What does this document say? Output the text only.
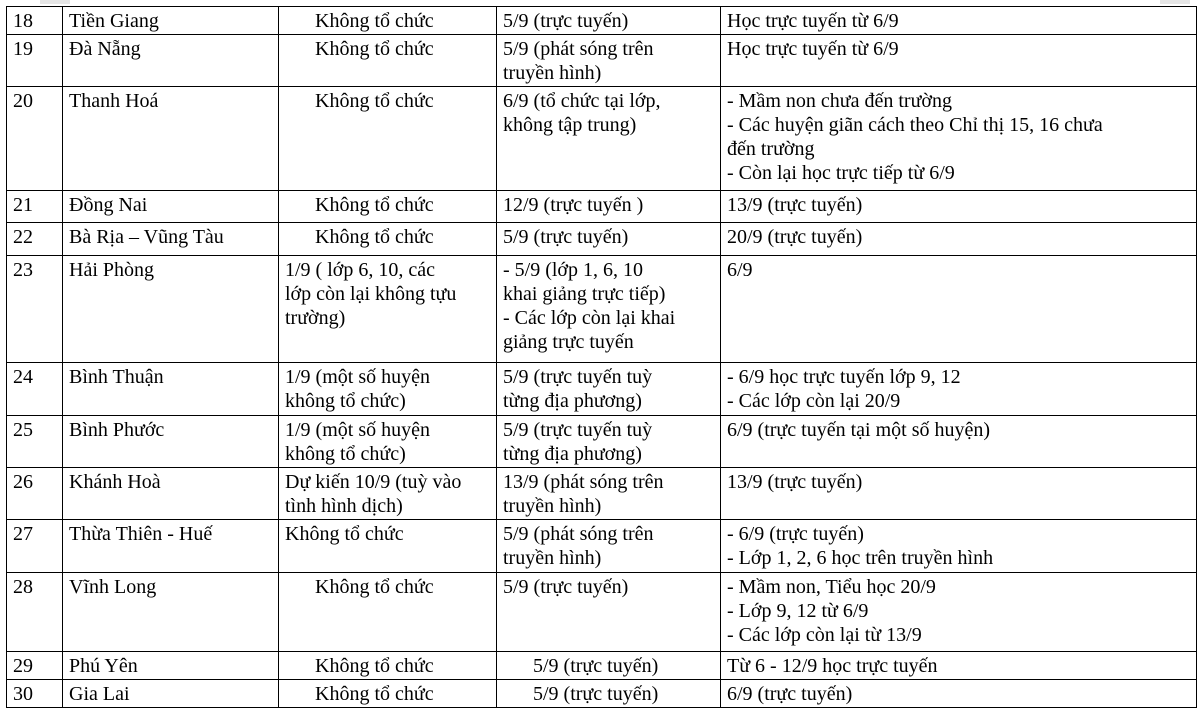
18	Tiền Giang	Không tổ chức	5/9 (trực tuyến)	Học trực tuyến từ 6/9

19	Đà Nẵng	Không tổ chức	5/9 (phát sóng trên
truyền hình)	Học trực tuyến từ 6/9

20	Thanh Hoá	Không tổ chức	6/9 (tổ chức tại lớp,
không tập trung)	- Mầm non chưa đến trường
- Các huyện giãn cách theo Chỉ thị 15, 16 chưa
đến trường
- Còn lại học trực tiếp từ 6/9

21	Đồng Nai	Không tổ chức	12/9 (trực tuyến )	13/9 (trực tuyến)

22	Bà Rịa – Vũng Tàu	Không tổ chức	5/9 (trực tuyến)	20/9 (trực tuyến)

23	Hải Phòng	1/9 ( lớp 6, 10, các
lớp còn lại không tựu
trường)	- 5/9 (lớp 1, 6, 10
khai giảng trực tiếp)
- Các lớp còn lại khai
giảng trực tuyến	6/9

24	Bình Thuận	1/9 (một số huyện
không tổ chức)	5/9 (trực tuyến tuỳ
từng địa phương)	- 6/9 học trực tuyến lớp 9, 12
- Các lớp còn lại 20/9

25	Bình Phước	1/9 (một số huyện
không tổ chức)	5/9 (trực tuyến tuỳ
từng địa phương)	6/9 (trực tuyến tại một số huyện)

26	Khánh Hoà	Dự kiến 10/9 (tuỳ vào
tình hình dịch)	13/9 (phát sóng trên
truyền hình)	13/9 (trực tuyến)

27	Thừa Thiên - Huế	Không tổ chức	5/9 (phát sóng trên
truyền hình)	- 6/9 (trực tuyến)
- Lớp 1, 2, 6 học trên truyền hình

28	Vĩnh Long	Không tổ chức	5/9 (trực tuyến)	- Mầm non, Tiểu học 20/9
- Lớp 9, 12 từ 6/9
- Các lớp còn lại từ 13/9

29	Phú Yên	Không tổ chức	5/9 (trực tuyến)	Từ 6 - 12/9 học trực tuyến

30	Gia Lai	Không tổ chức	5/9 (trực tuyến)	6/9 (trực tuyến)
